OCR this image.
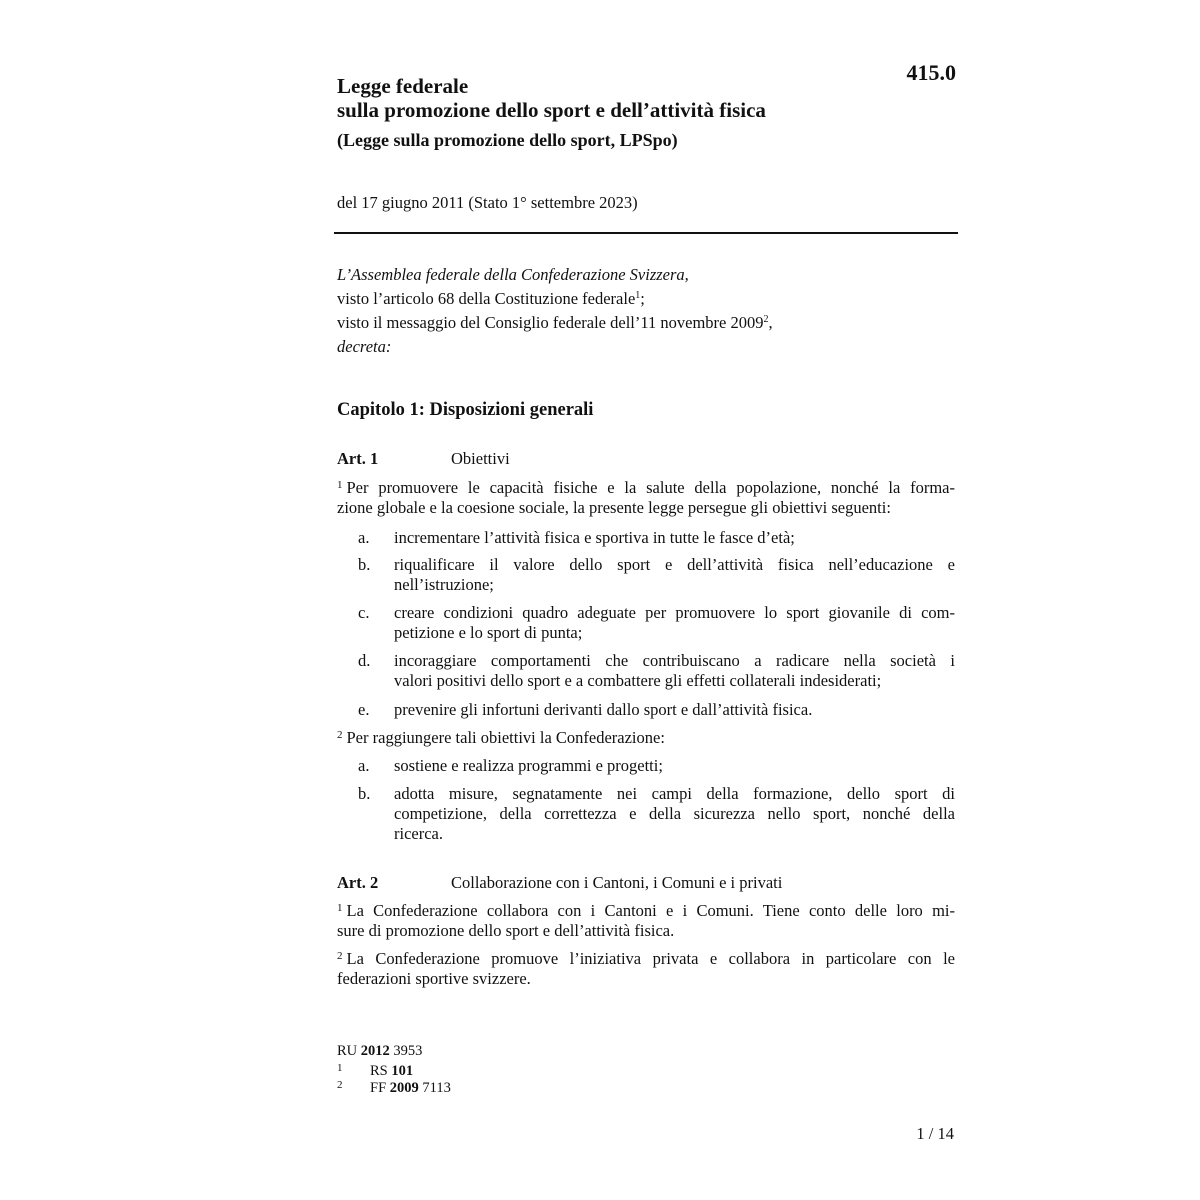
415.0
Legge federale
sulla promozione dello sport e dell’attività fisica
(Legge sulla promozione dello sport, LPSpo)
del 17 giugno 2011 (Stato 1° settembre 2023)
L’Assemblea federale della Confederazione Svizzera,
visto l’articolo 68 della Costituzione federale$^1$;
visto il messaggio del Consiglio federale dell’11 novembre 2009$^2$,
decreta:
Capitolo 1: Disposizioni generali
Art. 1	Obiettivi
$^1$ Per promuovere le capacità fisiche e la salute della popolazione, nonché la forma-
zione globale e la coesione sociale, la presente legge persegue gli obiettivi seguenti:
a. incrementare l’attività fisica e sportiva in tutte le fasce d’età;
b. riqualificare il valore dello sport e dell’attività fisica nell’educazione e
nell’istruzione;
c. creare condizioni quadro adeguate per promuovere lo sport giovanile di com-
petizione e lo sport di punta;
d. incoraggiare comportamenti che contribuiscano a radicare nella società i
valori positivi dello sport e a combattere gli effetti collaterali indesiderati;
e. prevenire gli infortuni derivanti dallo sport e dall’attività fisica.
$^2$ Per raggiungere tali obiettivi la Confederazione:
a. sostiene e realizza programmi e progetti;
b. adotta misure, segnatamente nei campi della formazione, dello sport di
competizione, della correttezza e della sicurezza nello sport, nonché della
ricerca.
Art. 2	Collaborazione con i Cantoni, i Comuni e i privati
$^1$ La Confederazione collabora con i Cantoni e i Comuni. Tiene conto delle loro mi-
sure di promozione dello sport e dell’attività fisica.
$^2$ La Confederazione promuove l’iniziativa privata e collabora in particolare con le
federazioni sportive svizzere.
RU 2012 3953
1 RS 101
2 FF 2009 7113
1 / 14
